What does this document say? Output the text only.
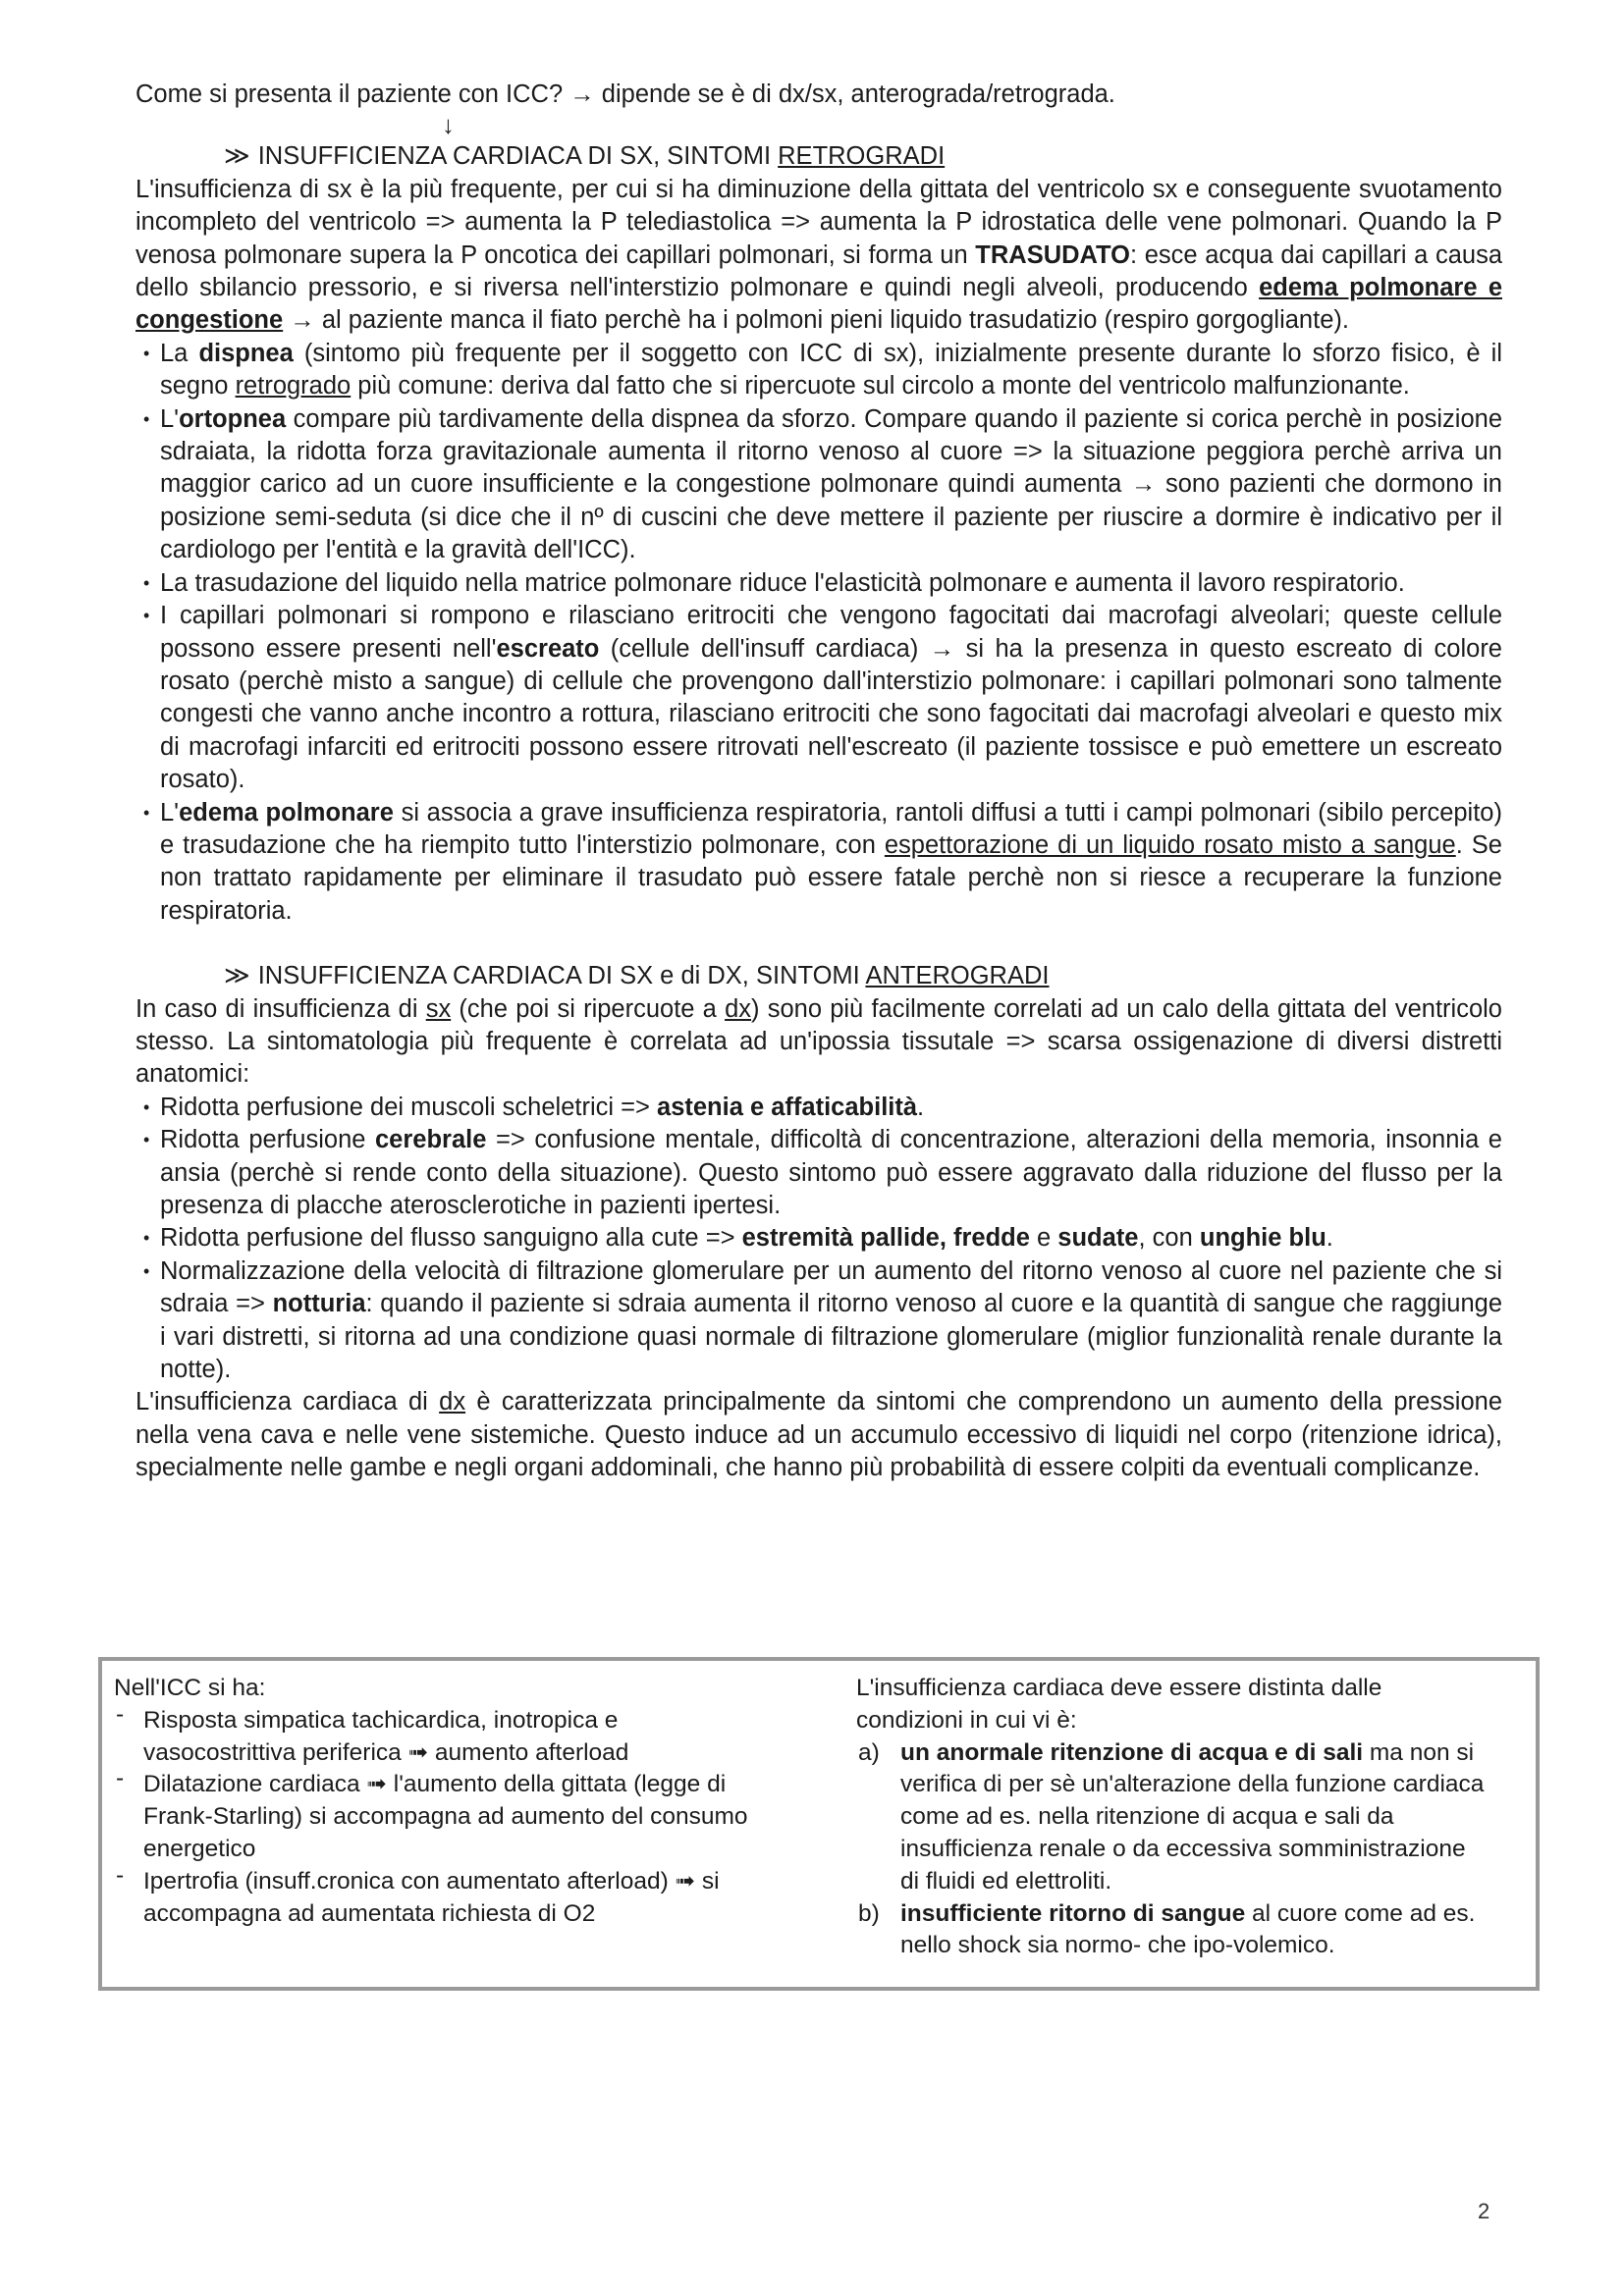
Come si presenta il paziente con ICC? → dipende se è di dx/sx, anterograda/retrograda.

↓
≫ INSUFFICIENZA CARDIACA DI SX, SINTOMI RETROGRADI

L'insufficienza di sx è la più frequente, per cui si ha diminuzione della gittata del ventricolo sx e conseguente svuotamento incompleto del ventricolo => aumenta la P telediastolica => aumenta la P idrostatica delle vene polmonari. Quando la P venosa polmonare supera la P oncotica dei capillari polmonari, si forma un TRASUDATO: esce acqua dai capillari a causa dello sbilancio pressorio, e si riversa nell'interstizio polmonare e quindi negli alveoli, producendo edema polmonare e congestione → al paziente manca il fiato perchè ha i polmoni pieni liquido trasudatizio (respiro gorgogliante).

• La dispnea (sintomo più frequente per il soggetto con ICC di sx), inizialmente presente durante lo sforzo fisico, è il segno retrogrado più comune: deriva dal fatto che si ripercuote sul circolo a monte del ventricolo malfunzionante.
• L'ortopnea compare più tardivamente della dispnea da sforzo. Compare quando il paziente si corica perchè in posizione sdraiata, la ridotta forza gravitazionale aumenta il ritorno venoso al cuore => la situazione peggiora perchè arriva un maggior carico ad un cuore insufficiente e la congestione polmonare quindi aumenta → sono pazienti che dormono in posizione semi-seduta (si dice che il nº di cuscini che deve mettere il paziente per riuscire a dormire è indicativo per il cardiologo per l'entità e la gravità dell'ICC).
• La trasudazione del liquido nella matrice polmonare riduce l'elasticità polmonare e aumenta il lavoro respiratorio.
• I capillari polmonari si rompono e rilasciano eritrociti che vengono fagocitati dai macrofagi alveolari; queste cellule possono essere presenti nell'escreato (cellule dell'insuff cardiaca) → si ha la presenza in questo escreato di colore rosato (perchè misto a sangue) di cellule che provengono dall'interstizio polmonare: i capillari polmonari sono talmente congesti che vanno anche incontro a rottura, rilasciano eritrociti che sono fagocitati dai macrofagi alveolari e questo mix di macrofagi infarciti ed eritrociti possono essere ritrovati nell'escreato (il paziente tossisce e può emettere un escreato rosato).
• L'edema polmonare si associa a grave insufficienza respiratoria, rantoli diffusi a tutti i campi polmonari (sibilo percepito) e trasudazione che ha riempito tutto l'interstizio polmonare, con espettorazione di un liquido rosato misto a sangue. Se non trattato rapidamente per eliminare il trasudato può essere fatale perchè non si riesce a recuperare la funzione respiratoria.
≫ INSUFFICIENZA CARDIACA DI SX e di DX, SINTOMI ANTEROGRADI

In caso di insufficienza di sx (che poi si ripercuote a dx) sono più facilmente correlati ad un calo della gittata del ventricolo stesso. La sintomatologia più frequente è correlata ad un'ipossia tissutale => scarsa ossigenazione di diversi distretti anatomici:

• Ridotta perfusione dei muscoli scheletrici => astenia e affaticabilità.
• Ridotta perfusione cerebrale => confusione mentale, difficoltà di concentrazione, alterazioni della memoria, insonnia e ansia (perchè si rende conto della situazione). Questo sintomo può essere aggravato dalla riduzione del flusso per la presenza di placche aterosclerotiche in pazienti ipertesi.
• Ridotta perfusione del flusso sanguigno alla cute => estremità pallide, fredde e sudate, con unghie blu.
• Normalizzazione della velocità di filtrazione glomerulare per un aumento del ritorno venoso al cuore nel paziente che si sdraia => notturia: quando il paziente si sdraia aumenta il ritorno venoso al cuore e la quantità di sangue che raggiunge i vari distretti, si ritorna ad una condizione quasi normale di filtrazione glomerulare (miglior funzionalità renale durante la notte).

L'insufficienza cardiaca di dx è caratterizzata principalmente da sintomi che comprendono un aumento della pressione nella vena cava e nelle vene sistemiche. Questo induce ad un accumulo eccessivo di liquidi nel corpo (ritenzione idrica), specialmente nelle gambe e negli organi addominali, che hanno più probabilità di essere colpiti da eventuali complicanze.

Nell'ICC si ha:

- Risposta simpatica tachicardica, inotropica e vasocostrittiva periferica ➟ aumento afterload
- Dilatazione cardiaca ➟ l'aumento della gittata (legge di Frank-Starling) si accompagna ad aumento del consumo energetico
- Ipertrofia (insuff.cronica con aumentato afterload) ➟ si accompagna ad aumentata richiesta di O2

L'insufficienza cardiaca deve essere distinta dalle condizioni in cui vi è:

a) un anormale ritenzione di acqua e di sali ma non si verifica di per sè un'alterazione della funzione cardiaca come ad es. nella ritenzione di acqua e sali da insufficienza renale o da eccessiva somministrazione di fluidi ed elettroliti.
b) insufficiente ritorno di sangue al cuore come ad es. nello shock sia normo- che ipo-volemico.
2
